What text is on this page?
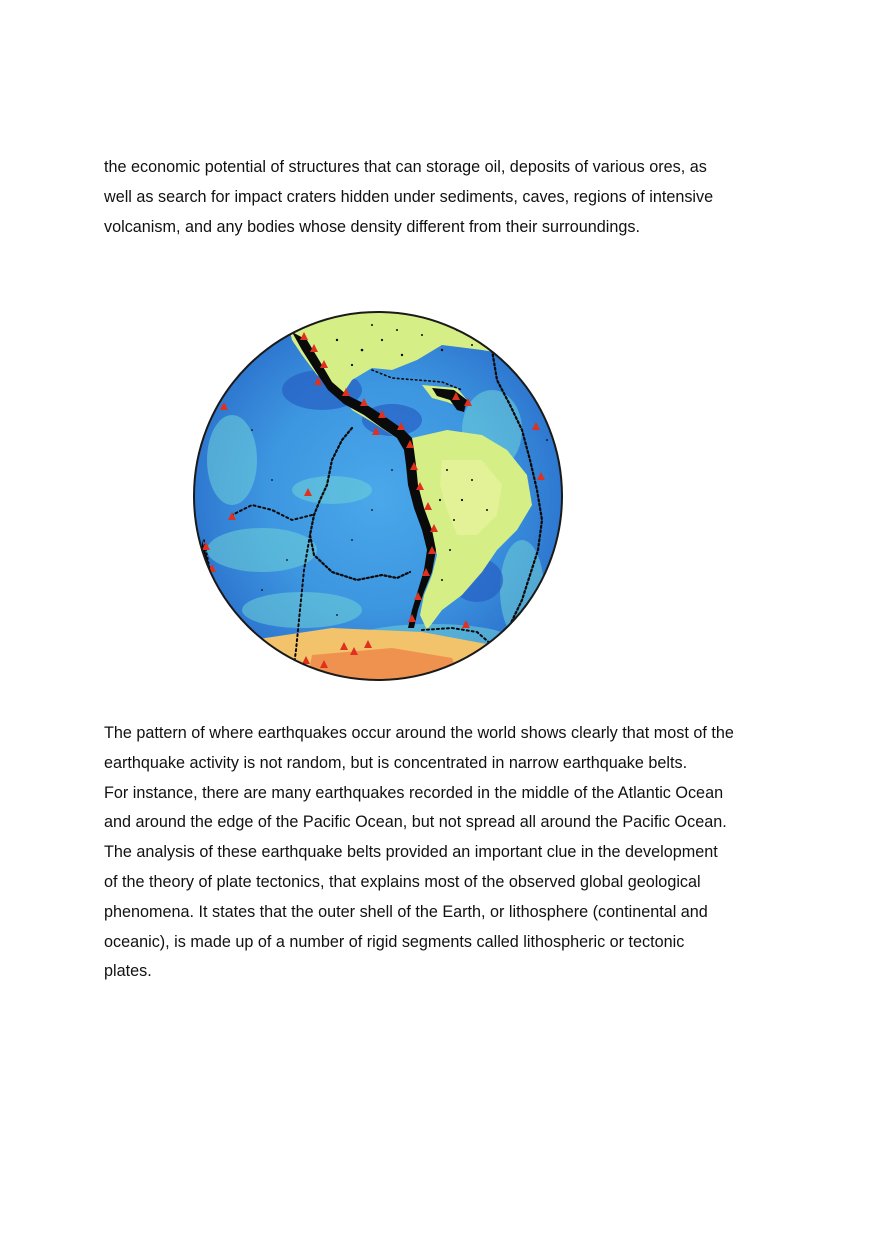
the economic potential of structures that can storage oil, deposits of various ores, as
well as search for impact craters hidden under sediments, caves, regions of intensive
volcanism, and any bodies whose density different from their surroundings.

The pattern of where earthquakes occur around the world shows clearly that most of the
earthquake activity is not random, but is concentrated in narrow earthquake belts.
For instance, there are many earthquakes recorded in the middle of the Atlantic Ocean
and around the edge of the Pacific Ocean, but not spread all around the Pacific Ocean.
The analysis of these earthquake belts provided an important clue in the development
of the theory of plate tectonics, that explains most of the observed global geological
phenomena. It states that the outer shell of the Earth, or lithosphere (continental and
oceanic), is made up of a number of rigid segments called lithospheric or tectonic
plates.
